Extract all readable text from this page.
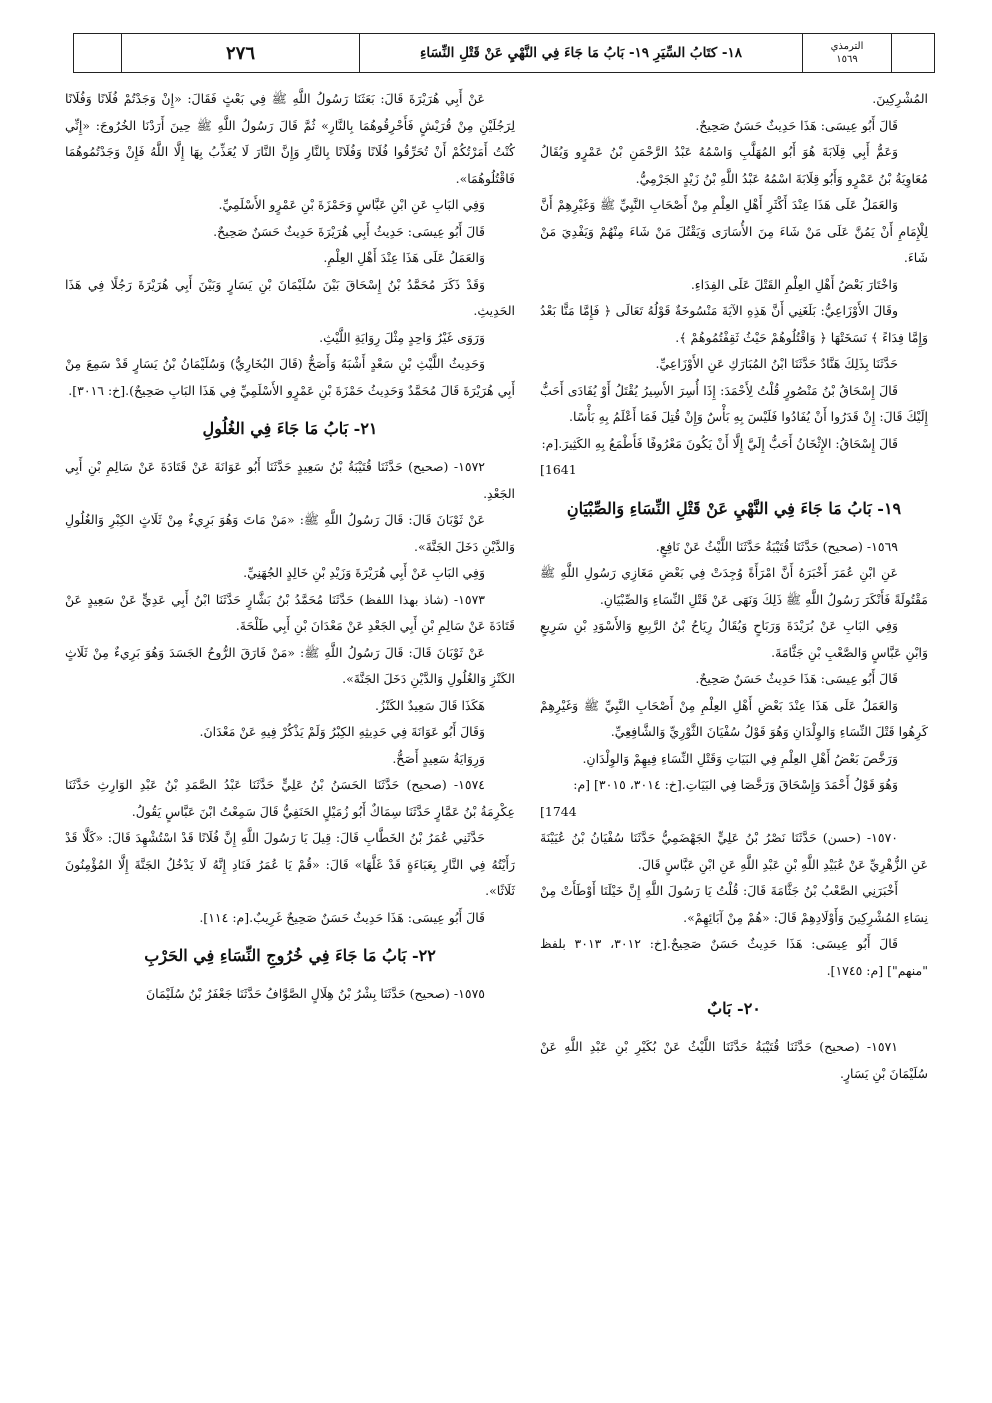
٢٧٦	١٨- كتَابُ السِّيَرِ ١٩- بَابُ مَا جَاءَ فِي النَّهْيِ عَنْ قَتْلِ النِّسَاءِ	الترمذي
١٥٦٩

المُشْرِكِينَ.

قَالَ أَبُو عِيسَى: هَذَا حَدِيثٌ حَسَنٌ صَحِيحٌ.

وَعَمُّ أَبِي قِلَابَةَ هُوَ أَبُو المُهَلَّبِ وَاسْمُهُ عَبْدُ الرَّحْمَنِ بْنُ عَمْرٍو وَيُقَالُ مُعَاوِيَةُ بْنُ عَمْرٍو وَأَبُو قِلَابَةَ اسْمُهُ عَبْدُ اللَّهِ بْنُ زَيْدٍ الجَرْمِيُّ.

وَالعَمَلُ عَلَى هَذَا عِنْدَ أَكْثَرِ أَهْلِ العِلْمِ مِنْ أَصْحَابِ النَّبِيِّ ﷺ وَغَيْرِهِمْ أَنَّ لِلْإِمَامِ أَنْ يَمُنَّ عَلَى مَنْ شَاءَ مِنَ الأُسَارَى وَيَقْتُلَ مَنْ شَاءَ مِنْهُمْ وَيَفْدِيَ مَنْ شَاءَ.

وَاخْتَارَ بَعْضُ أَهْلِ العِلْمِ القَتْلَ عَلَى الفِدَاءِ.

وقَالَ الأَوْزَاعِيُّ: بَلَغَنِي أَنَّ هَذِهِ الآيَةَ مَنْسُوخَةٌ قَوْلُهُ تَعَالَى ﴿ فَإِمَّا مَنًّا بَعْدُ وَإِمَّا فِدَاءً ﴾ نَسَخَتْهَا ﴿ وَاقْتُلُوهُمْ حَيْثُ ثَقِفْتُمُوهُمْ ﴾.

حَدَّثَنَا بِذَلِكَ هَنَّادٌ حَدَّثَنَا ابْنُ المُبَارَكِ عَنِ الأَوْزَاعِيِّ.

قَالَ إِسْحَاقُ بْنُ مَنْصُورٍ قُلْتُ لِأَحْمَدَ: إِذَا أُسِرَ الأَسِيرُ يُقْتَلُ أَوْ يُفَادَى أَحَبُّ إِلَيْكَ قَالَ: إِنْ قَدَرُوا أَنْ يُفَادُوا فَلَيْسَ بِهِ بَأْسٌ وَإِنْ قُتِلَ فَمَا أَعْلَمُ بِهِ بَأْسًا.

قَالَ إِسْحَاقُ: الإِثْخَانُ أَحَبُّ إِلَيَّ إِلَّا أَنْ يَكُونَ مَعْرُوفًا فَأَطْمَعُ بِهِ الكَثِيرَ.[م:

[1641

١٩- بَابُ مَا جَاءَ فِي النَّهْيِ عَنْ قَتْلِ النِّسَاءِ وَالصِّبْيَانِ

١٥٦٩- (صحيح) حَدَّثَنَا قُتَيْبَةُ حَدَّثَنَا اللَّيْثُ عَنْ نَافِعٍ.

عَنِ ابْنِ عُمَرَ أَخْبَرَهُ أَنَّ امْرَأَةً وُجِدَتْ فِي بَعْضِ مَغَازِي رَسُولِ اللَّهِ ﷺ مَقْتُولَةً فَأَنْكَرَ رَسُولُ اللَّهِ ﷺ ذَلِكَ وَنَهَى عَنْ قَتْلِ النِّسَاءِ وَالصِّبْيَانِ.

وَفِي البَابِ عَنْ بُرَيْدَةَ وَرَبَاحٍ وَيُقَالُ رِيَاحُ بْنُ الرَّبِيعِ وَالأَسْوَدِ بْنِ سَرِيعٍ وَابْنِ عَبَّاسٍ وَالصَّعْبِ بْنِ جَثَّامَةَ.

قَالَ أَبُو عِيسَى: هَذَا حَدِيثٌ حَسَنٌ صَحِيحٌ.

وَالعَمَلُ عَلَى هَذَا عِنْدَ بَعْضِ أَهْلِ العِلْمِ مِنْ أَصْحَابِ النَّبِيِّ ﷺ وَغَيْرِهِمْ كَرِهُوا قَتْلَ النِّسَاءِ وَالوِلْدَانِ وَهُوَ قَوْلُ سُفْيَانَ الثَّوْرِيِّ وَالشَّافِعِيِّ.

وَرَخَّصَ بَعْضُ أَهْلِ العِلْمِ فِي البَيَاتِ وَقَتْلِ النِّسَاءِ فِيهِمْ وَالوِلْدَانِ.

وَهُوَ قَوْلُ أَحْمَدَ وَإِسْحَاقَ وَرَخَّصَا فِي البَيَاتِ.[خ: ٣٠١٤، ٣٠١٥] [م:

[1744

١٥٧٠- (حسن) حَدَّثَنَا نَصْرُ بْنُ عَلِيٍّ الجَهْضَمِيُّ حَدَّثَنَا سُفْيَانُ بْنُ عُيَيْنَةَ عَنِ الزُّهْرِيِّ عَنْ عُبَيْدِ اللَّهِ بْنِ عَبْدِ اللَّهِ عَنِ ابْنِ عَبَّاسٍ قَالَ.

أَخْبَرَنِي الصَّعْبُ بْنُ جَثَّامَةَ قَالَ: قُلْتُ يَا رَسُولَ اللَّهِ إِنَّ خَيْلَنَا أَوْطَأَتْ مِنْ نِسَاءِ المُشْرِكِينَ وَأَوْلَادِهِمْ قَالَ: «هُمْ مِنْ آبَائِهِمْ».

قَالَ أَبُو عِيسَى: هَذَا حَدِيثٌ حَسَنٌ صَحِيحٌ.[خ: ٣٠١٢، ٣٠١٣ بلفظ "منهم"] [م: ١٧٤٥].

٢٠- بَابٌ

١٥٧١- (صحيح) حَدَّثَنَا قُتَيْبَةُ حَدَّثَنَا اللَّيْثُ عَنْ بُكَيْرِ بْنِ عَبْدِ اللَّهِ عَنْ سُلَيْمَانَ بْنِ يَسَارٍ.

عَنْ أَبِي هُرَيْرَةَ قَالَ: بَعَثَنَا رَسُولُ اللَّهِ ﷺ فِي بَعْثٍ فَقَالَ: «إِنْ وَجَدْتُمْ فُلَانًا وَفُلَانًا لِرَجُلَيْنِ مِنْ قُرَيْشٍ فَأَحْرِقُوهُمَا بِالنَّارِ» ثُمَّ قَالَ رَسُولُ اللَّهِ ﷺ حِينَ أَرَدْنَا الخُرُوجَ: «إِنِّي كُنْتُ أَمَرْتُكُمْ أَنْ تُحَرِّقُوا فُلَانًا وَفُلَانًا بِالنَّارِ وَإِنَّ النَّارَ لَا يُعَذِّبُ بِهَا إِلَّا اللَّهُ فَإِنْ وَجَدْتُمُوهُمَا فَاقْتُلُوهُمَا».

وَفِي البَابِ عَنِ ابْنِ عَبَّاسٍ وَحَمْزَةَ بْنِ عَمْرٍو الأَسْلَمِيِّ.

قَالَ أَبُو عِيسَى: حَدِيثُ أَبِي هُرَيْرَةَ حَدِيثٌ حَسَنٌ صَحِيحٌ.

وَالعَمَلُ عَلَى هَذَا عِنْدَ أَهْلِ العِلْمِ.

وَقَدْ ذَكَرَ مُحَمَّدُ بْنُ إِسْحَاقَ بَيْنَ سُلَيْمَانَ بْنِ يَسَارٍ وَبَيْنَ أَبِي هُرَيْرَةَ رَجُلًا فِي هَذَا الحَدِيثِ.

وَرَوَى غَيْرُ وَاحِدٍ مِثْلَ رِوَايَةِ اللَّيْثِ.

وَحَدِيثُ اللَّيْثِ بْنِ سَعْدٍ أَشْبَهُ وَأَصَحُّ (قَالَ البُخَارِيُّ) وَسُلَيْمَانُ بْنُ يَسَارٍ قَدْ سَمِعَ مِنْ أَبِي هُرَيْرَةَ قَالَ مُحَمَّدٌ وَحَدِيثُ حَمْزَةَ بْنِ عَمْرٍو الأَسْلَمِيِّ فِي هَذَا البَابِ صَحِيحٌ).[خ: ٣٠١٦].

٢١- بَابُ مَا جَاءَ فِي الغُلُولِ

١٥٧٢- (صحيح) حَدَّثَنَا قُتَيْبَةُ بْنُ سَعِيدٍ حَدَّثَنَا أَبُو عَوَانَةَ عَنْ قَتَادَةَ عَنْ سَالِمِ بْنِ أَبِي الجَعْدِ.

عَنْ ثَوْبَانَ قَالَ: قَالَ رَسُولُ اللَّهِ ﷺ: «مَنْ مَاتَ وَهُوَ بَرِيءٌ مِنْ ثَلَاثٍ الكِبْرِ وَالغُلُولِ وَالدَّيْنِ دَخَلَ الجَنَّةَ».

وَفِي البَابِ عَنْ أَبِي هُرَيْرَةَ وَزَيْدِ بْنِ خَالِدٍ الجُهَنِيِّ.

١٥٧٣- (شاذ بهذا اللفظ) حَدَّثَنَا مُحَمَّدُ بْنُ بَشَّارٍ حَدَّثَنَا ابْنُ أَبِي عَدِيٍّ عَنْ سَعِيدٍ عَنْ قَتَادَةَ عَنْ سَالِمِ بْنِ أَبِي الجَعْدِ عَنْ مَعْدَانَ بْنِ أَبِي طَلْحَةَ.

عَنْ ثَوْبَانَ قَالَ: قَالَ رَسُولُ اللَّهِ ﷺ: «مَنْ فَارَقَ الرُّوحُ الجَسَدَ وَهُوَ بَرِيءٌ مِنْ ثَلَاثٍ الكَنْزِ وَالغُلُولِ وَالدَّيْنِ دَخَلَ الجَنَّةَ».

هَكَذَا قَالَ سَعِيدٌ الكَنْزُ.

وَقَالَ أَبُو عَوَانَةَ فِي حَدِيثِهِ الكِبْرُ وَلَمْ يَذْكُرْ فِيهِ عَنْ مَعْدَانَ.

وَرِوَايَةُ سَعِيدٍ أَصَحُّ.

١٥٧٤- (صحيح) حَدَّثَنَا الحَسَنُ بْنُ عَلِيٍّ حَدَّثَنَا عَبْدُ الصَّمَدِ بْنُ عَبْدِ الوَارِثِ حَدَّثَنَا عِكْرِمَةُ بْنُ عَمَّارٍ حَدَّثَنَا سِمَاكٌ أَبُو زُمَيْلٍ الحَنَفِيُّ قَالَ سَمِعْتُ ابْنَ عَبَّاسٍ يَقُولُ.

حَدَّثَنِي عُمَرُ بْنُ الخَطَّابِ قَالَ: قِيلَ يَا رَسُولَ اللَّهِ إِنَّ فُلَانًا قَدْ اسْتُشْهِدَ قَالَ: «كَلَّا قَدْ رَأَيْتُهُ فِي النَّارِ بِعَبَاءَةٍ قَدْ غَلَّهَا» قَالَ: «قُمْ يَا عُمَرُ فَنَادِ إِنَّهُ لَا يَدْخُلُ الجَنَّةَ إِلَّا المُؤْمِنُونَ ثَلَاثًا».

قَالَ أَبُو عِيسَى: هَذَا حَدِيثٌ حَسَنٌ صَحِيحٌ غَرِيبٌ.[م: ١١٤].

٢٢- بَابُ مَا جَاءَ فِي خُرُوجِ النِّسَاءِ فِي الحَرْبِ

١٥٧٥- (صحيح) حَدَّثَنَا بِشْرُ بْنُ هِلَالٍ الصَّوَّافُ حَدَّثَنَا جَعْفَرُ بْنُ سُلَيْمَانَ
